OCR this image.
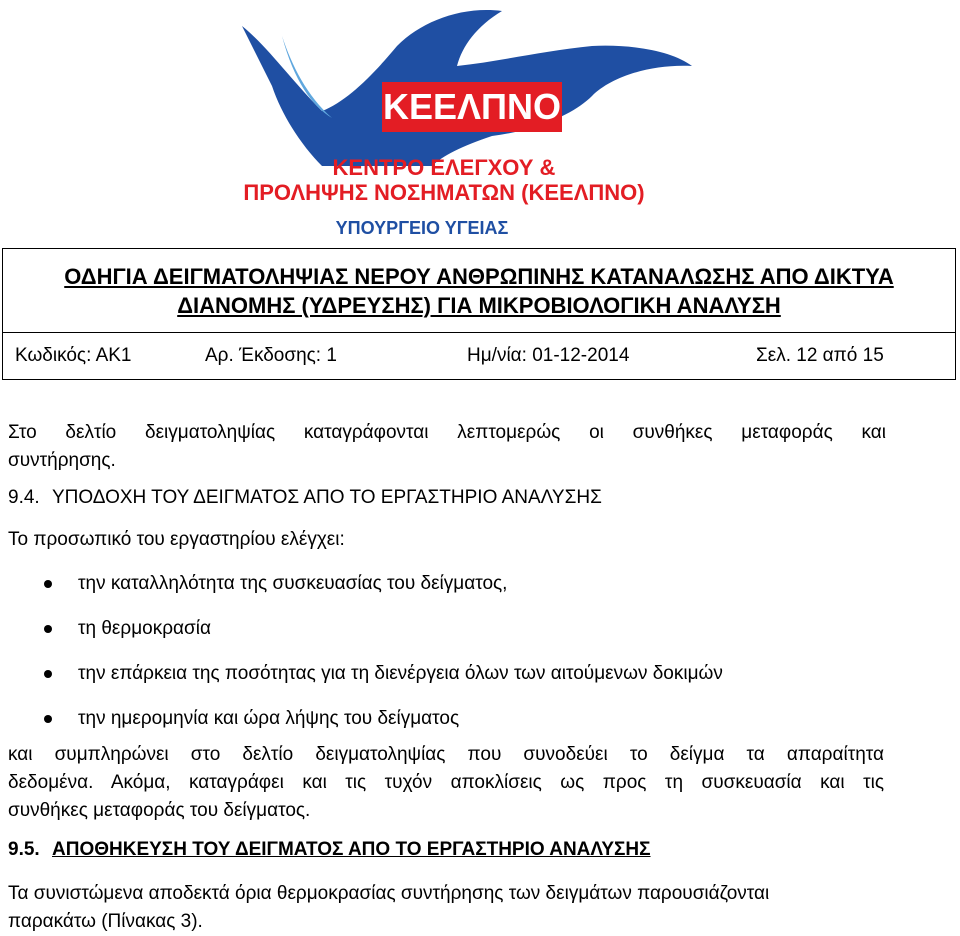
ΚΕΕΛΠΝΟ
ΚΕΝΤΡΟ ΕΛΕΓΧΟΥ &
ΠΡΟΛΗΨΗΣ ΝΟΣΗΜΑΤΩΝ (ΚΕΕΛΠΝΟ)
ΥΠΟΥΡΓΕΙΟ ΥΓΕΙΑΣ
ΟΔΗΓΙΑ ΔΕΙΓΜΑΤΟΛΗΨΙΑΣ ΝΕΡΟΥ ΑΝΘΡΩΠΙΝΗΣ ΚΑΤΑΝΑΛΩΣΗΣ ΑΠΟ ΔΙΚΤΥΑ
ΔΙΑΝΟΜΗΣ (ΥΔΡΕΥΣΗΣ) ΓΙΑ ΜΙΚΡΟΒΙΟΛΟΓΙΚΗ ΑΝΑΛΥΣΗ
Κωδικός: ΑΚ1	Αρ. Έκδοσης: 1	Ημ/νία: 01-12-2014	Σελ. 12 από 15
Στο δελτίο δειγματοληψίας καταγράφονται λεπτομερώς οι συνθήκες μεταφοράς και
συντήρησης.
9.4. ΥΠΟΔΟΧΗ ΤΟΥ ΔΕΙΓΜΑΤΟΣ ΑΠΟ ΤΟ ΕΡΓΑΣΤΗΡΙΟ ΑΝΑΛΥΣΗΣ
Το προσωπικό του εργαστηρίου ελέγχει:
την καταλληλότητα της συσκευασίας του δείγματος,
τη θερμοκρασία
την επάρκεια της ποσότητας για τη διενέργεια όλων των αιτούμενων δοκιμών
την ημερομηνία και ώρα λήψης του δείγματος
και συμπληρώνει στο δελτίο δειγματοληψίας που συνοδεύει το δείγμα τα απαραίτητα
δεδομένα. Ακόμα, καταγράφει και τις τυχόν αποκλίσεις ως προς τη συσκευασία και τις
συνθήκες μεταφοράς του δείγματος.
9.5. ΑΠΟΘΗΚΕΥΣΗ ΤΟΥ ΔΕΙΓΜΑΤΟΣ ΑΠΟ ΤΟ ΕΡΓΑΣΤΗΡΙΟ ΑΝΑΛΥΣΗΣ
Τα συνιστώμενα αποδεκτά όρια θερμοκρασίας συντήρησης των δειγμάτων παρουσιάζονται
παρακάτω (Πίνακας 3).
